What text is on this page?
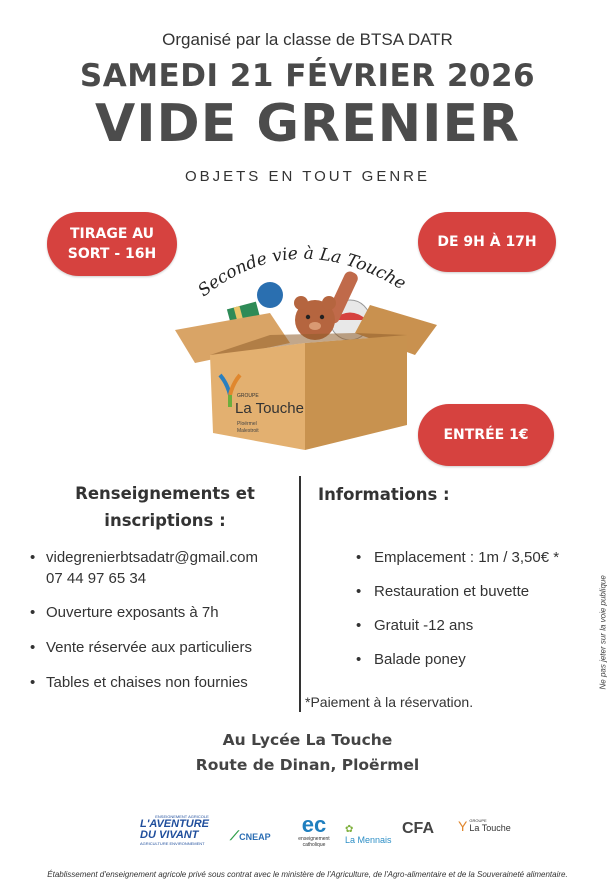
Organisé par la classe de BTSA DATR
SAMEDI 21 FÉVRIER 2026
VIDE GRENIER
OBJETS EN TOUT GENRE
TIRAGE AU
SORT - 16H
DE 9H À 17H
ENTRÉE 1€
Seconde vie à La Touche
GROUPE
La Touche
Ploërmel
Malestroit
Renseignements et
inscriptions :
Informations :
• videgrenierbtsadatr@gmail.com
07 44 97 65 34
• Ouverture exposants à 7h
• Vente réservée aux particuliers
• Tables et chaises non fournies
• Emplacement : 1m / 3,50€ *
• Restauration et buvette
• Gratuit -12 ans
• Balade poney
*Paiement à la réservation.
Au Lycée La Touche
Route de Dinan, Ploërmel
Ne pas jeter sur la voie publique
ENSEIGNEMENT AGRICOLE
L'AVENTURE
DU VIVANT
AGRICULTURE ENVIRONNEMENT
⟋CNEAP	ec
enseignement
catholique
✿
La Mennais
CFA Y GROUPE
La Touche
Établissement d'enseignement agricole privé sous contrat avec le ministère de l'Agriculture, de l'Agro-alimentaire et de la Souveraineté alimentaire.
